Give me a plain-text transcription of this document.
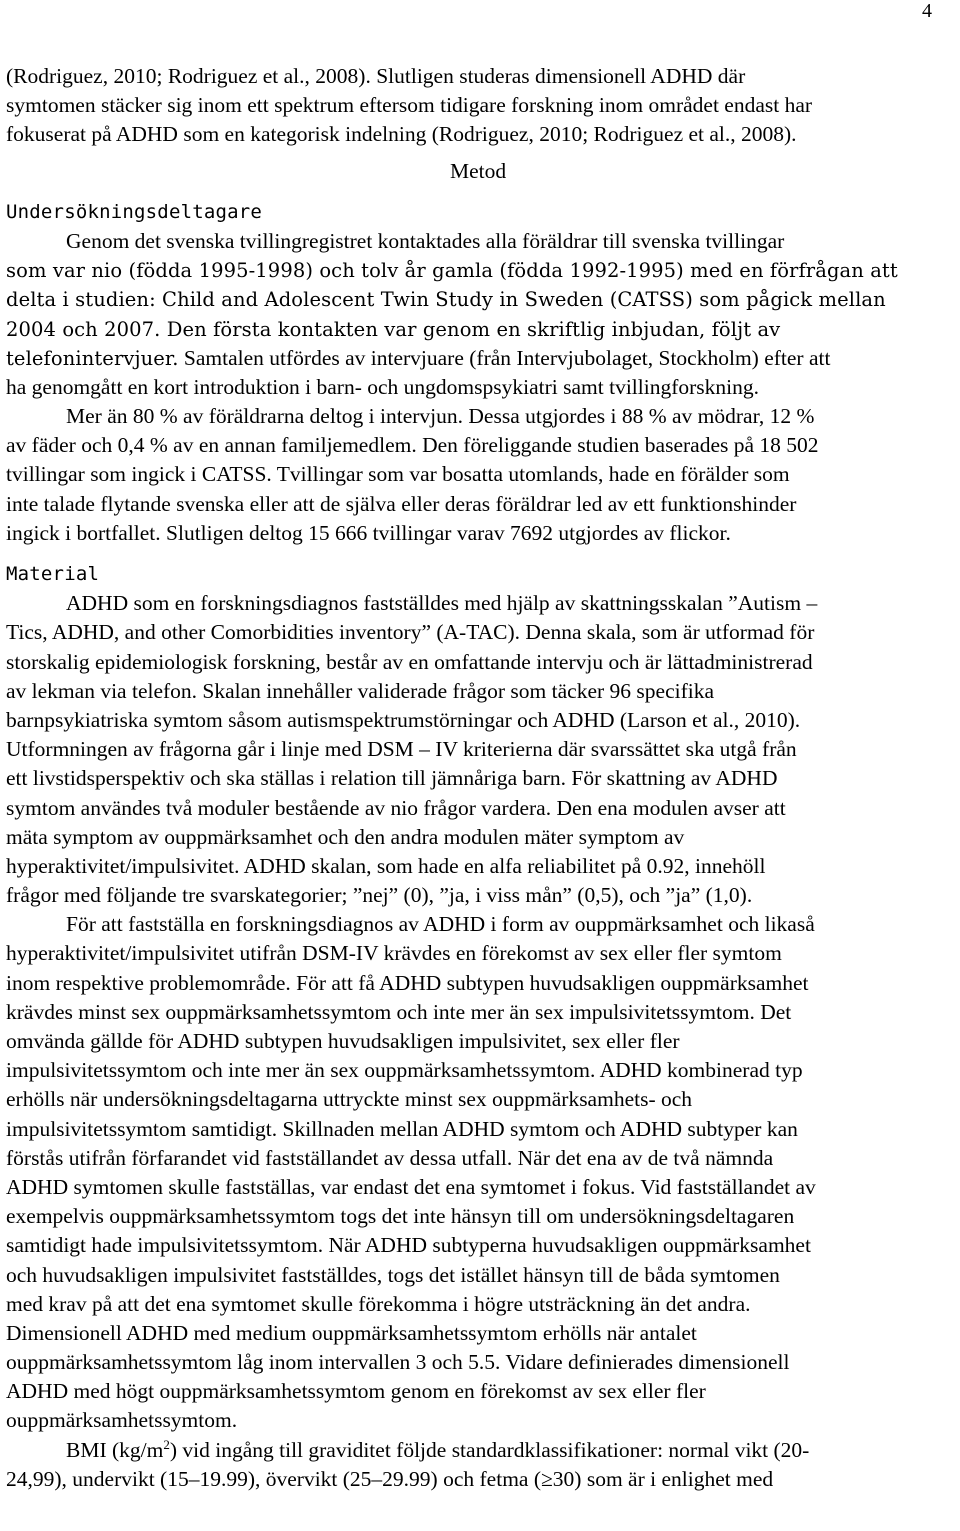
4
(Rodriguez, 2010; Rodriguez et al., 2008). Slutligen studeras dimensionell ADHD där
symtomen stäcker sig inom ett spektrum eftersom tidigare forskning inom området endast har
fokuserat på ADHD som en kategorisk indelning (Rodriguez, 2010; Rodriguez et al., 2008).
Metod
Undersökningsdeltagare
Genom det svenska tvillingregistret kontaktades alla föräldrar till svenska tvillingar
som var nio (födda 1995-1998) och tolv år gamla (födda 1992-1995) med en förfrågan att
delta i studien: Child and Adolescent Twin Study in Sweden (CATSS) som pågick mellan
2004 och 2007. Den första kontakten var genom en skriftlig inbjudan, följt av
telefonintervjuer. Samtalen utfördes av intervjuare (från Intervjubolaget, Stockholm) efter att
ha genomgått en kort introduktion i barn- och ungdomspsykiatri samt tvillingforskning.
Mer än 80 % av föräldrarna deltog i intervjun. Dessa utgjordes i 88 % av mödrar, 12 %
av fäder och 0,4 % av en annan familjemedlem. Den föreliggande studien baserades på 18 502
tvillingar som ingick i CATSS. Tvillingar som var bosatta utomlands, hade en förälder som
inte talade flytande svenska eller att de själva eller deras föräldrar led av ett funktionshinder
ingick i bortfallet. Slutligen deltog 15 666 tvillingar varav 7692 utgjordes av flickor.
Material
ADHD som en forskningsdiagnos fastställdes med hjälp av skattningsskalan ”Autism –
Tics, ADHD, and other Comorbidities inventory” (A-TAC). Denna skala, som är utformad för
storskalig epidemiologisk forskning, består av en omfattande intervju och är lättadministrerad
av lekman via telefon. Skalan innehåller validerade frågor som täcker 96 specifika
barnpsykiatriska symtom såsom autismspektrumstörningar och ADHD (Larson et al., 2010).
Utformningen av frågorna går i linje med DSM – IV kriterierna där svarssättet ska utgå från
ett livstidsperspektiv och ska ställas i relation till jämnåriga barn. För skattning av ADHD
symtom användes två moduler bestående av nio frågor vardera. Den ena modulen avser att
mäta symptom av ouppmärksamhet och den andra modulen mäter symptom av
hyperaktivitet/impulsivitet. ADHD skalan, som hade en alfa reliabilitet på 0.92, innehöll
frågor med följande tre svarskategorier; ”nej” (0), ”ja, i viss mån” (0,5), och ”ja” (1,0).
För att fastställa en forskningsdiagnos av ADHD i form av ouppmärksamhet och likaså
hyperaktivitet/impulsivitet utifrån DSM-IV krävdes en förekomst av sex eller fler symtom
inom respektive problemområde. För att få ADHD subtypen huvudsakligen ouppmärksamhet
krävdes minst sex ouppmärksamhetssymtom och inte mer än sex impulsivitetssymtom. Det
omvända gällde för ADHD subtypen huvudsakligen impulsivitet, sex eller fler
impulsivitetssymtom och inte mer än sex ouppmärksamhetssymtom. ADHD kombinerad typ
erhölls när undersökningsdeltagarna uttryckte minst sex ouppmärksamhets- och
impulsivitetssymtom samtidigt. Skillnaden mellan ADHD symtom och ADHD subtyper kan
förstås utifrån förfarandet vid fastställandet av dessa utfall. När det ena av de två nämnda
ADHD symtomen skulle fastställas, var endast det ena symtomet i fokus. Vid fastställandet av
exempelvis ouppmärksamhetssymtom togs det inte hänsyn till om undersökningsdeltagaren
samtidigt hade impulsivitetssymtom. När ADHD subtyperna huvudsakligen ouppmärksamhet
och huvudsakligen impulsivitet fastställdes, togs det istället hänsyn till de båda symtomen
med krav på att det ena symtomet skulle förekomma i högre utsträckning än det andra.
Dimensionell ADHD med medium ouppmärksamhetssymtom erhölls när antalet
ouppmärksamhetssymtom låg inom intervallen 3 och 5.5. Vidare definierades dimensionell
ADHD med högt ouppmärksamhetssymtom genom en förekomst av sex eller fler
ouppmärksamhetssymtom.
BMI $(kg/m^2)$ vid ingång till graviditet följde standardklassifikationer: normal vikt (20-
24,99), undervikt (15–19.99), övervikt (25–29.99) och fetma (≥30) som är i enlighet med
